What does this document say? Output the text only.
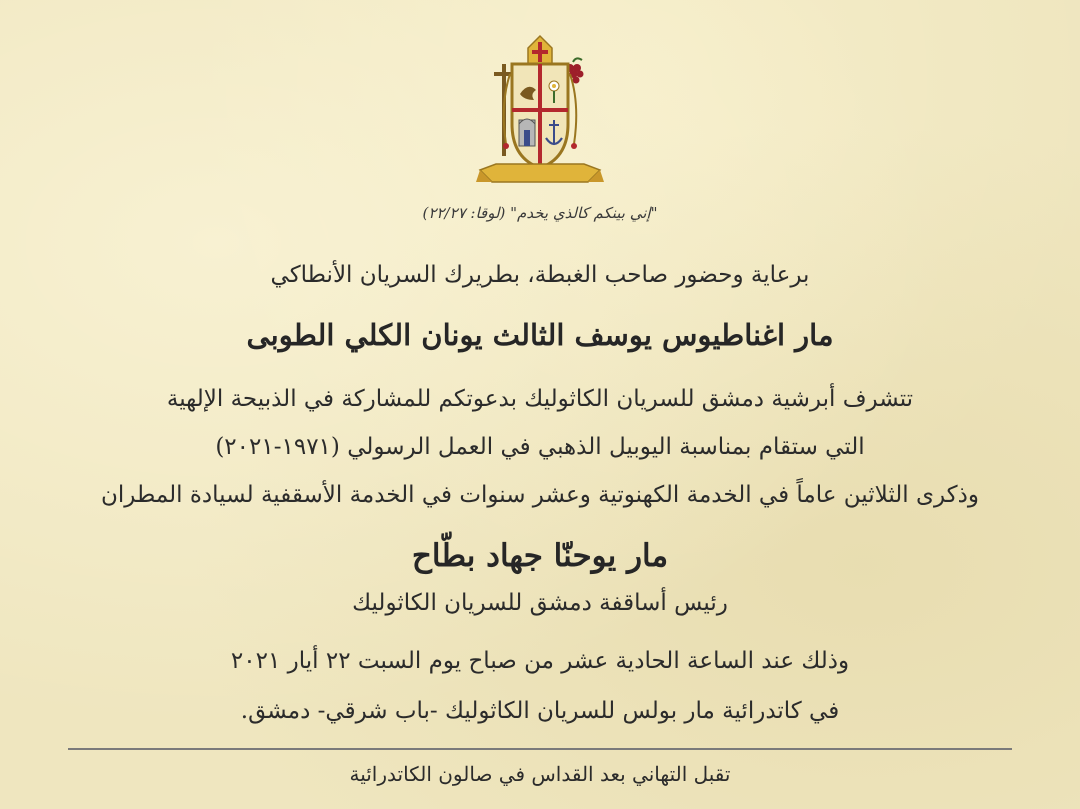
"إني بينكم كالذي يخدم" (لوقا: ٢٢/٢٧)
برعاية وحضور صاحب الغبطة، بطريرك السريان الأنطاكي
مار اغناطيوس يوسف الثالث يونان الكلي الطوبى
تتشرف أبرشية دمشق للسريان الكاثوليك بدعوتكم للمشاركة في الذبيحة الإلهية
التي ستقام بمناسبة اليوبيل الذهبي في العمل الرسولي (١٩٧١-٢٠٢١)
وذكرى الثلاثين عاماً في الخدمة الكهنوتية وعشر سنوات في الخدمة الأسقفية لسيادة المطران
مار يوحنّا جهاد بطّاح
رئيس أساقفة دمشق للسريان الكاثوليك
وذلك عند الساعة الحادية عشر من صباح يوم السبت ٢٢ أيار ٢٠٢١
في كاتدرائية مار بولس للسريان الكاثوليك -باب شرقي- دمشق.
تقبل التهاني بعد القداس في صالون الكاتدرائية
